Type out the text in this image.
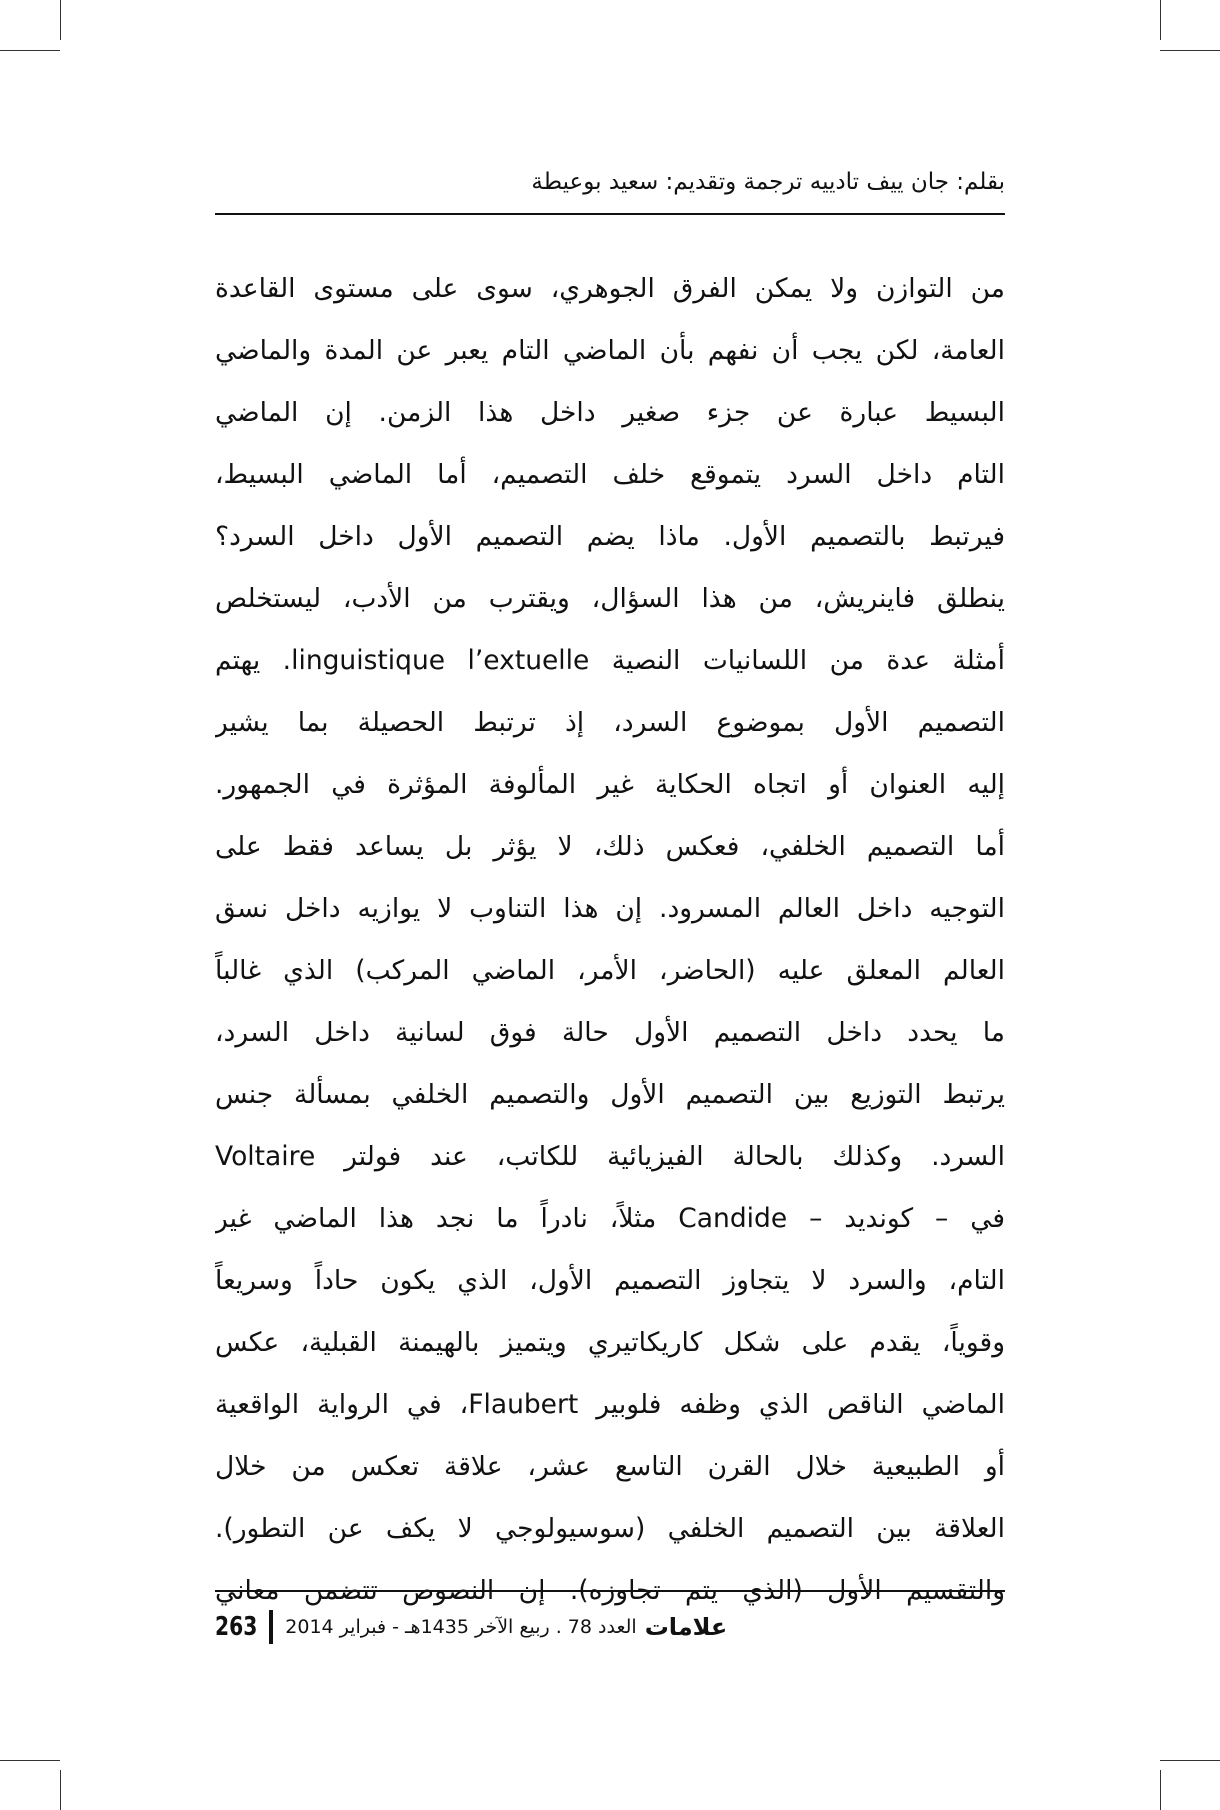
بقلم: جان ييف تادييه ترجمة وتقديم: سعيد بوعيطة
من التوازن ولا يمكن الفرق الجوهري، سوى على مستوى القاعدة
العامة، لكن يجب أن نفهم بأن الماضي التام يعبر عن المدة والماضي
البسيط عبارة عن جزء صغير داخل هذا الزمن. إن الماضي
التام داخل السرد يتموقع خلف التصميم، أما الماضي البسيط،
فيرتبط بالتصميم الأول. ماذا يضم التصميم الأول داخل السرد؟
ينطلق فاينريش، من هذا السؤال، ويقترب من الأدب، ليستخلص
أمثلة عدة من اللسانيات النصية linguistique l’extuelle. يهتم
التصميم الأول بموضوع السرد، إذ ترتبط الحصيلة بما يشير
إليه العنوان أو اتجاه الحكاية غير المألوفة المؤثرة في الجمهور.
أما التصميم الخلفي، فعكس ذلك، لا يؤثر بل يساعد فقط على
التوجيه داخل العالم المسرود. إن هذا التناوب لا يوازيه داخل نسق
العالم المعلق عليه (الحاضر، الأمر، الماضي المركب) الذي غالباً
ما يحدد داخل التصميم الأول حالة فوق لسانية داخل السرد،
يرتبط التوزيع بين التصميم الأول والتصميم الخلفي بمسألة جنس
السرد. وكذلك بالحالة الفيزيائية للكاتب، عند فولتر Voltaire
في – كونديد – Candide مثلاً، نادراً ما نجد هذا الماضي غير
التام، والسرد لا يتجاوز التصميم الأول، الذي يكون حاداً وسريعاً
وقوياً، يقدم على شكل كاريكاتيري ويتميز بالهيمنة القبلية، عكس
الماضي الناقص الذي وظفه فلوبير Flaubert، في الرواية الواقعية
أو الطبيعية خلال القرن التاسع عشر، علاقة تعكس من خلال
العلاقة بين التصميم الخلفي (سوسيولوجي لا يكف عن التطور).
والتقسيم الأول (الذي يتم تجاوزه). إن النصوص تتضمن معاني
263 العدد 78 . ربيع الآخر 1435هـ - فبراير 2014 علامات
